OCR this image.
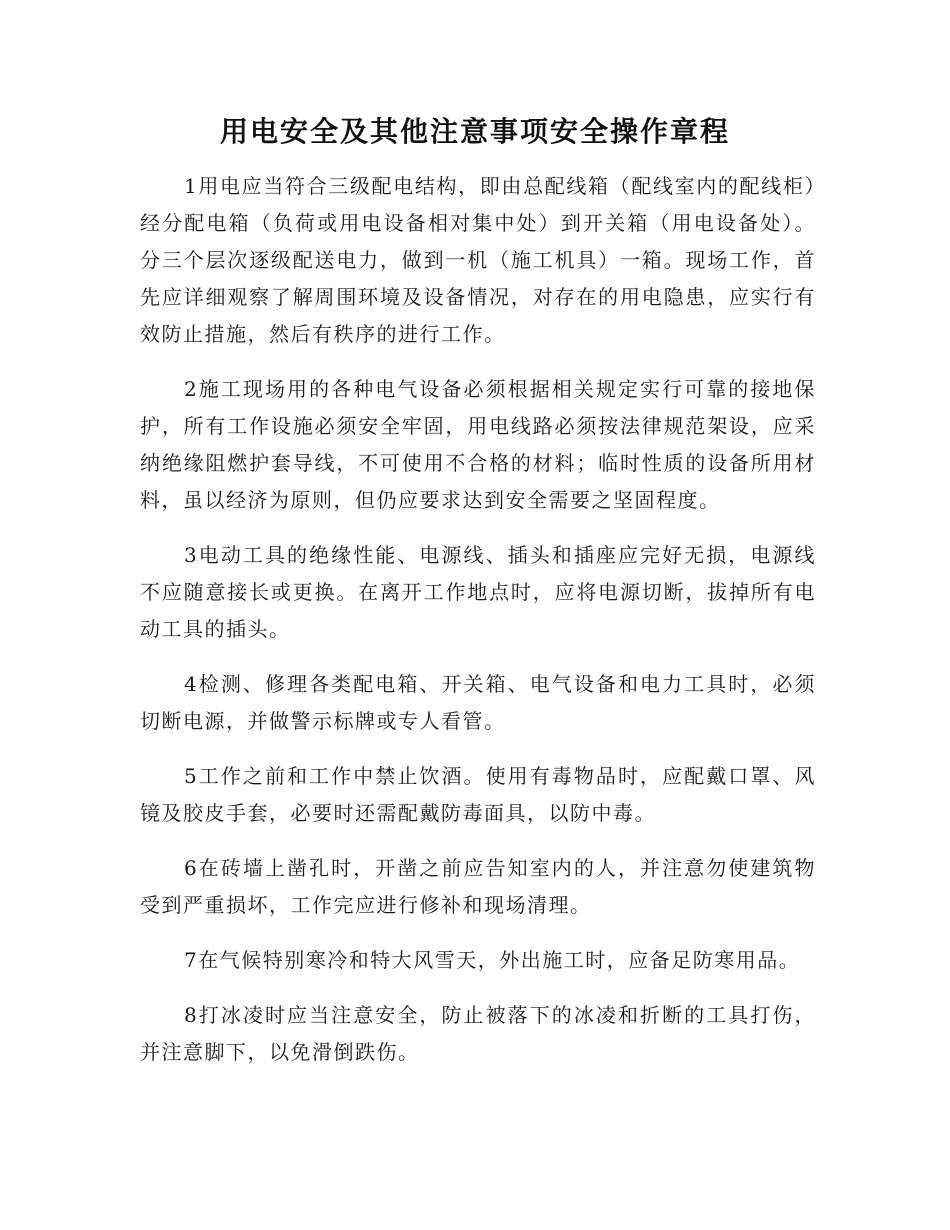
用电安全及其他注意事项安全操作章程

1用电应当符合三级配电结构，即由总配线箱（配线室内的配线柜）经分配电箱（负荷或用电设备相对集中处）到开关箱（用电设备处）。分三个层次逐级配送电力，做到一机（施工机具）一箱。现场工作，首先应详细观察了解周围环境及设备情况，对存在的用电隐患，应实行有效防止措施，然后有秩序的进行工作。

2施工现场用的各种电气设备必须根据相关规定实行可靠的接地保护，所有工作设施必须安全牢固，用电线路必须按法律规范架设，应采纳绝缘阻燃护套导线，不可使用不合格的材料；临时性质的设备所用材料，虽以经济为原则，但仍应要求达到安全需要之坚固程度。

3电动工具的绝缘性能、电源线、插头和插座应完好无损，电源线不应随意接长或更换。在离开工作地点时，应将电源切断，拔掉所有电动工具的插头。

4检测、修理各类配电箱、开关箱、电气设备和电力工具时，必须切断电源，并做警示标牌或专人看管。

5工作之前和工作中禁止饮酒。使用有毒物品时，应配戴口罩、风镜及胶皮手套，必要时还需配戴防毒面具，以防中毒。

6在砖墙上凿孔时，开凿之前应告知室内的人，并注意勿使建筑物受到严重损坏，工作完应进行修补和现场清理。

7在气候特别寒冷和特大风雪天，外出施工时，应备足防寒用品。

8打冰凌时应当注意安全，防止被落下的冰凌和折断的工具打伤，并注意脚下，以免滑倒跌伤。
